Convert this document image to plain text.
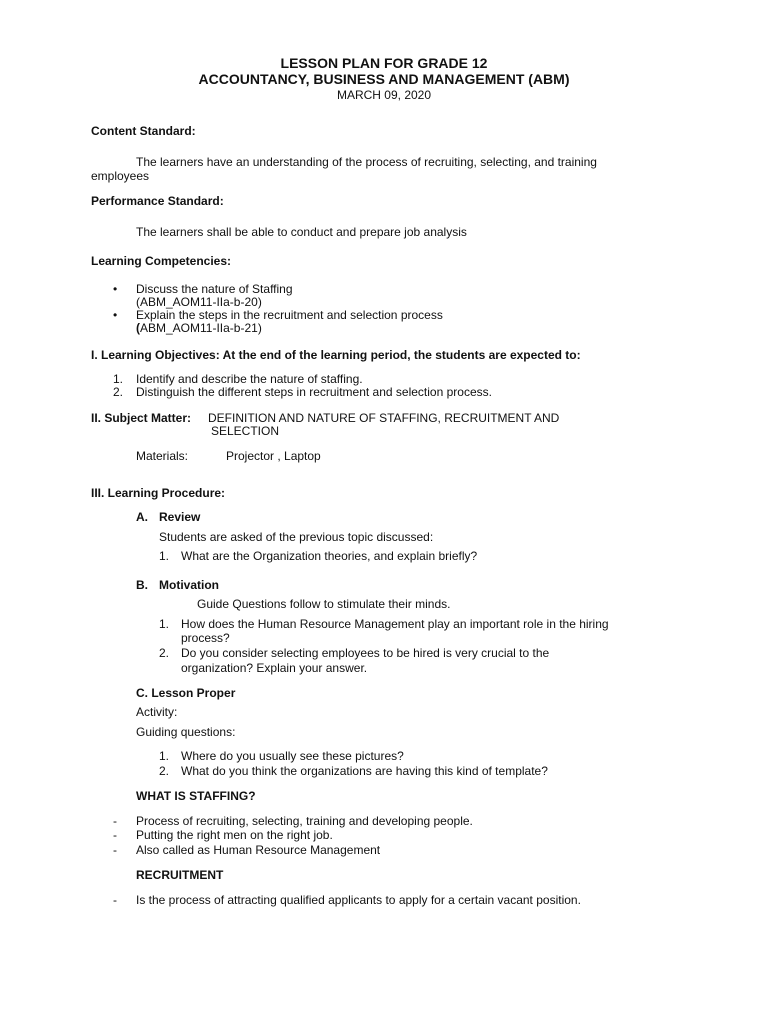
LESSON PLAN FOR GRADE 12
ACCOUNTANCY, BUSINESS AND MANAGEMENT (ABM)
MARCH 09, 2020
Content Standard:
The learners have an understanding of the process of recruiting, selecting, and training
employees
Performance Standard:
The learners shall be able to conduct and prepare job analysis
Learning Competencies:
• Discuss the nature of Staffing
(ABM_AOM11-IIa-b-20)
• Explain the steps in the recruitment and selection process
(ABM_AOM11-IIa-b-21)
I. Learning Objectives: At the end of the learning period, the students are expected to:
1. Identify and describe the nature of staffing.
2. Distinguish the different steps in recruitment and selection process.
II. Subject Matter: DEFINITION AND NATURE OF STAFFING, RECRUITMENT AND
SELECTION
Materials:	Projector , Laptop
III. Learning Procedure:
A. Review
Students are asked of the previous topic discussed:
1. What are the Organization theories, and explain briefly?
B. Motivation
Guide Questions follow to stimulate their minds.
1. How does the Human Resource Management play an important role in the hiring
process?
2. Do you consider selecting employees to be hired is very crucial to the
organization? Explain your answer.
C. Lesson Proper
Activity:
Guiding questions:
1. Where do you usually see these pictures?
2. What do you think the organizations are having this kind of template?
WHAT IS STAFFING?
- Process of recruiting, selecting, training and developing people.
- Putting the right men on the right job.
- Also called as Human Resource Management
RECRUITMENT
- Is the process of attracting qualified applicants to apply for a certain vacant position.
